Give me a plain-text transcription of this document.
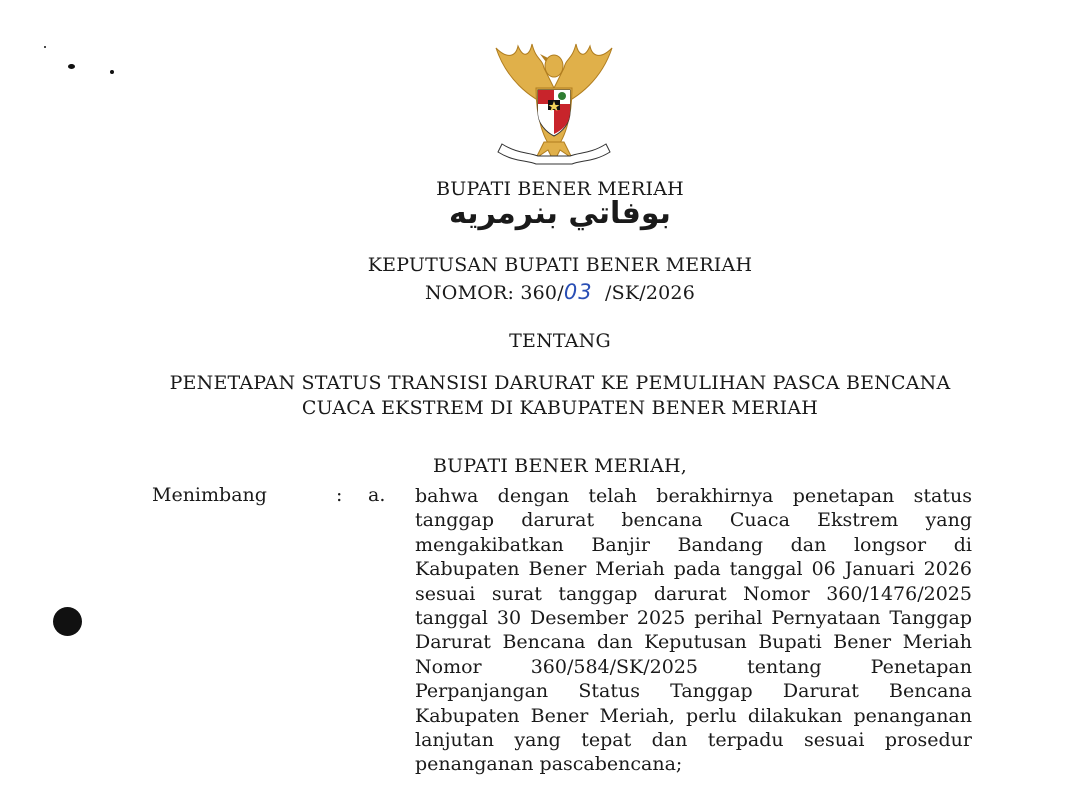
BUPATI BENER MERIAH
بوفاتي بنرمريه
KEPUTUSAN BUPATI BENER MERIAH
NOMOR: 360/03 /SK/2026
TENTANG
PENETAPAN STATUS TRANSISI DARURAT KE PEMULIHAN PASCA BENCANA
CUACA EKSTREM DI KABUPATEN BENER MERIAH
BUPATI BENER MERIAH,
Menimbang	: a. bahwa dengan telah berakhirnya penetapan status tanggap darurat bencana Cuaca Ekstrem yang mengakibatkan Banjir Bandang dan longsor di Kabupaten Bener Meriah pada tanggal 06 Januari 2026 sesuai surat tanggap darurat Nomor 360/1476/2025 tanggal 30 Desember 2025 perihal Pernyataan Tanggap Darurat Bencana dan Keputusan Bupati Bener Meriah Nomor 360/584/SK/2025 tentang Penetapan Perpanjangan Status Tanggap Darurat Bencana Kabupaten Bener Meriah, perlu dilakukan penanganan lanjutan yang tepat dan terpadu sesuai prosedur penanganan pascabencana;
